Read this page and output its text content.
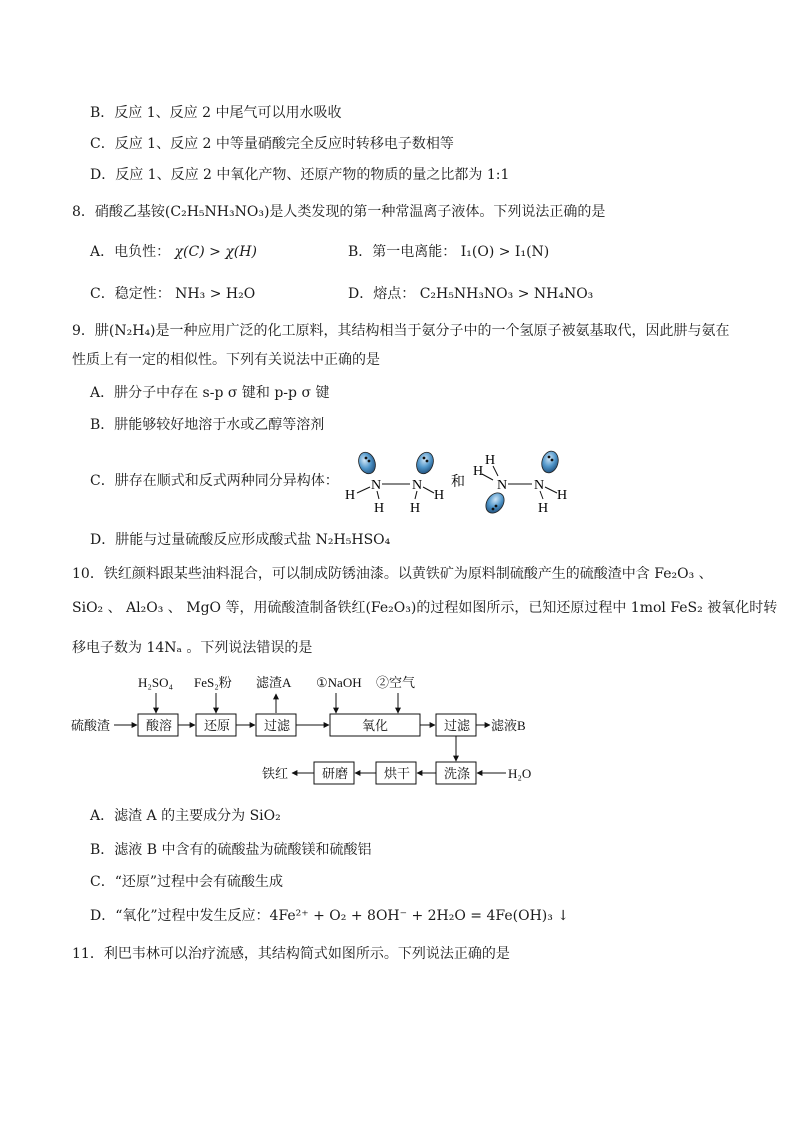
B．反应 1、反应 2 中尾气可以用水吸收
C．反应 1、反应 2 中等量硝酸完全反应时转移电子数相等
D．反应 1、反应 2 中氧化产物、还原产物的物质的量之比都为 1:1
8．硝酸乙基铵(C₂H₅NH₃NO₃)是人类发现的第一种常温离子液体。下列说法正确的是
A．电负性： χ(C) > χ(H)	B．第一电离能： I₁(O) > I₁(N)
C．稳定性： NH₃ > H₂O	D．熔点： C₂H₅NH₃NO₃ > NH₄NO₃
9．肼(N₂H₄)是一种应用广泛的化工原料，其结构相当于氨分子中的一个氢原子被氨基取代，因此肼与氨在
性质上有一定的相似性。下列有关说法中正确的是
A．肼分子中存在 s-p σ 键和 p-p σ 键
B．肼能够较好地溶于水或乙醇等溶剂
C．肼存在顺式和反式两种同分异构体： N N
H
H H
H
和
H
H
N N
H
H
D．肼能与过量硫酸反应形成酸式盐 N₂H₅HSO₄
10．铁红颜料跟某些油料混合，可以制成防锈油漆。以黄铁矿为原料制硫酸产生的硫酸渣中含 Fe₂O₃ 、
SiO₂ 、 Al₂O₃ 、 MgO 等，用硫酸渣制备铁红(Fe₂O₃)的过程如图所示，已知还原过程中 1mol FeS₂ 被氧化时转
移电子数为 14Nₐ 。下列说法错误的是
H₂SO₄ FeS₂粉 滤渣A ①NaOH ②空气
硫酸渣	酸溶 还原	过滤	氧化	过滤 滤液B
洗涤	H₂O
烘干
研磨
铁红
A．滤渣 A 的主要成分为 SiO₂
B．滤液 B 中含有的硫酸盐为硫酸镁和硫酸铝
C．“还原”过程中会有硫酸生成
D．“氧化”过程中发生反应：4Fe²⁺ + O₂ + 8OH⁻ + 2H₂O = 4Fe(OH)₃ ↓
11．利巴韦林可以治疗流感，其结构简式如图所示。下列说法正确的是
